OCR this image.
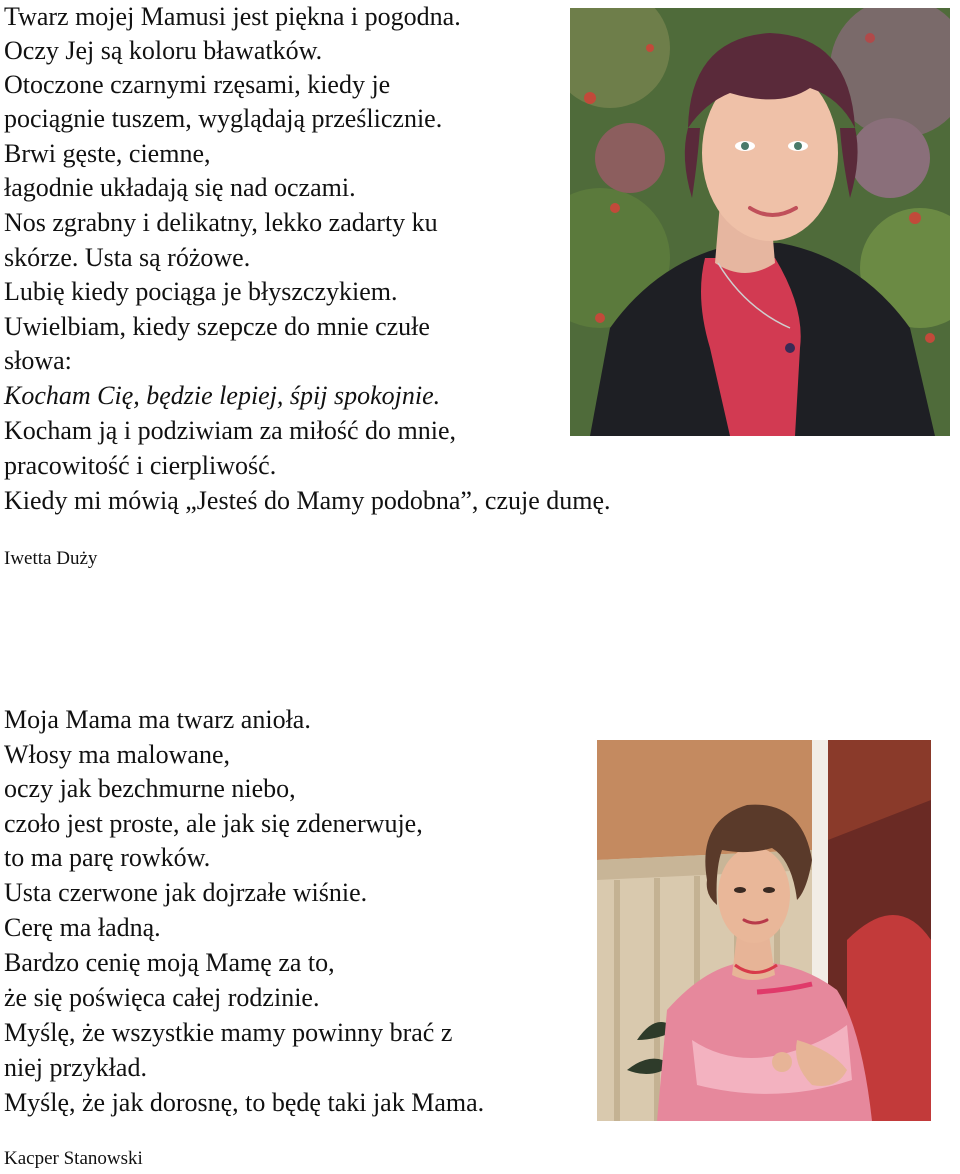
Twarz mojej Mamusi jest piękna i pogodna.

Oczy Jej są koloru bławatków.

Otoczone czarnymi rzęsami, kiedy je

pociągnie tuszem, wyglądają prześlicznie.

Brwi gęste, ciemne,

łagodnie układają się nad oczami.

Nos zgrabny i delikatny, lekko zadarty ku

skórze. Usta są różowe.

Lubię kiedy pociąga je błyszczykiem.

Uwielbiam, kiedy szepcze do mnie czułe

słowa:

Kocham Cię, będzie lepiej, śpij spokojnie.

Kocham ją i podziwiam za miłość do mnie,

pracowitość i cierpliwość.

Kiedy mi mówią „Jesteś do Mamy podobna”, czuje dumę.

Iwetta Duży

Moja Mama ma twarz anioła.

Włosy ma malowane,

oczy jak bezchmurne niebo,

czoło jest proste, ale jak się zdenerwuje,

to ma parę rowków.

Usta czerwone jak dojrzałe wiśnie.

Cerę ma ładną.

Bardzo cenię moją Mamę za to,

że się poświęca całej rodzinie.

Myślę, że wszystkie mamy powinny brać z

niej przykład.

Myślę, że jak dorosnę, to będę taki jak Mama.

Kacper Stanowski
